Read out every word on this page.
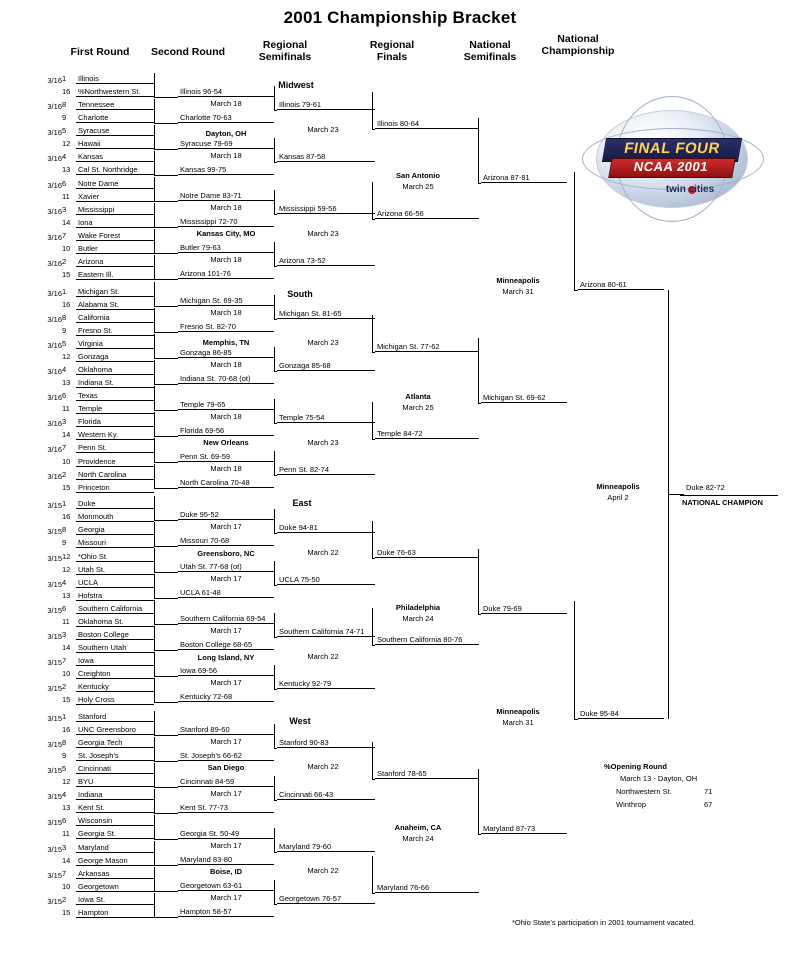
2001 Championship Bracket
First Round	Second Round
Regional
Semifinals
Regional
Finals
National
Semifinals
National
Championship
Midwest
South
East
West
3/16 1	Illinois
16	%Northwestern St.
3/16 8	Tennessee
9	Charlotte
3/16 5	Syracuse
12	Hawaii
3/16 4	Kansas
13	Cal St. Northridge
3/16 6	Notre Dame
11	Xavier
3/16 3	Mississippi
14	Iona
3/16 7	Wake Forest
10	Butler
3/16 2	Arizona
15	Eastern Ill.
3/16 1	Michigan St.
16	Alabama St.
3/16 8	California
9	Fresno St.
3/16 5	Virginia
12	Gonzaga
3/16 4	Oklahoma
13	Indiana St.
3/16 6	Texas
11	Temple
3/16 3	Florida
14	Western Ky.
3/16 7	Penn St.
10	Providence
3/16 2	North Carolina
15	Princeton
3/15 1	Duke
16	Monmouth
3/15 8	Georgia
9	Missouri
3/15 12	*Ohio St.
12	Utah St.
3/15 4	UCLA
13	Hofstra
3/15 6	Southern California
11	Oklahoma St.
3/15 3	Boston College
14	Southern Utah
3/15 7	Iowa
10	Creighton
3/15 2	Kentucky
15	Holy Cross
3/15 1	Stanford
16	UNC Greensboro
3/15 8	Georgia Tech
9	St. Joseph's
3/15 5	Cincinnati
12	BYU
3/15 4	Indiana
13	Kent St.
3/15 6	Wisconsin
11	Georgia St.
3/15 3	Maryland
14	George Mason
3/15 7	Arkansas
10	Georgetown
3/15 2	Iowa St.
15	Hampton
Illinois 96-54
Charlotte 70-63
Syracuse 79-69
Kansas 99-75
Notre Dame 83-71
Mississippi 72-70
Butler 79-63
Arizona 101-76
Michigan St. 69-35
Fresno St. 82-70
Gonzaga 86-85
Indiana St. 70-68 (ot)
Temple 79-65
Florida 69-56
Penn St. 69-59
North Carolina 70-48
Duke 95-52
Missouri 70-68
Utah St. 77-68 (ot)
UCLA 61-48
Southern California 69-54
Boston College 68-65
Iowa 69-56
Kentucky 72-68
Stanford 89-60
St. Joseph's 66-62
Cincinnati 84-59
Kent St. 77-73
Georgia St. 50-49
Maryland 83-80
Georgetown 63-61
Hampton 58-57
March 18
March 18
March 18
March 18
March 18
March 18
March 18
March 18
March 17
March 17
March 17
March 17
March 17
March 17
March 17
March 17
Dayton, OH
Kansas City, MO
Memphis, TN
New Orleans
Greensboro, NC
Long Island, NY
San Diego
Boise, ID
Illinois 79-61
Kansas 87-58
Mississippi 59-56
Arizona 73-52
Michigan St. 81-65
Gonzaga 85-68
Temple 75-54
Penn St. 82-74
Duke 94-81
UCLA 75-50
Southern California 74-71
Kentucky 92-79
Stanford 90-83
Cincinnati 66-43
Maryland 79-60
Georgetown 76-57
March 23
March 23
March 23
March 23
March 22
March 22
March 22
March 22
Illinois 80-64
Arizona 66-56
Michigan St. 77-62
Temple 84-72
Duke 76-63
Southern California 80-76
Stanford 78-65
Maryland 76-66
San Antonio
March 25
Atlanta
March 25
Philadelphia
March 24
Anaheim, CA
March 24
Arizona 87-81
Michigan St. 69-62
Duke 79-69
Maryland 87-73
Minneapolis
March 31
Minneapolis
March 31
Arizona 80-61
Duke 95-84
Minneapolis
April 2
FINAL FOUR
NCAA 2001
twin cities
Duke 82-72
NATIONAL CHAMPION
%Opening Round
March 13 - Dayton, OH
Northwestern St.	71
Winthrop	67
*Ohio State's participation in 2001 tournament vacated.
